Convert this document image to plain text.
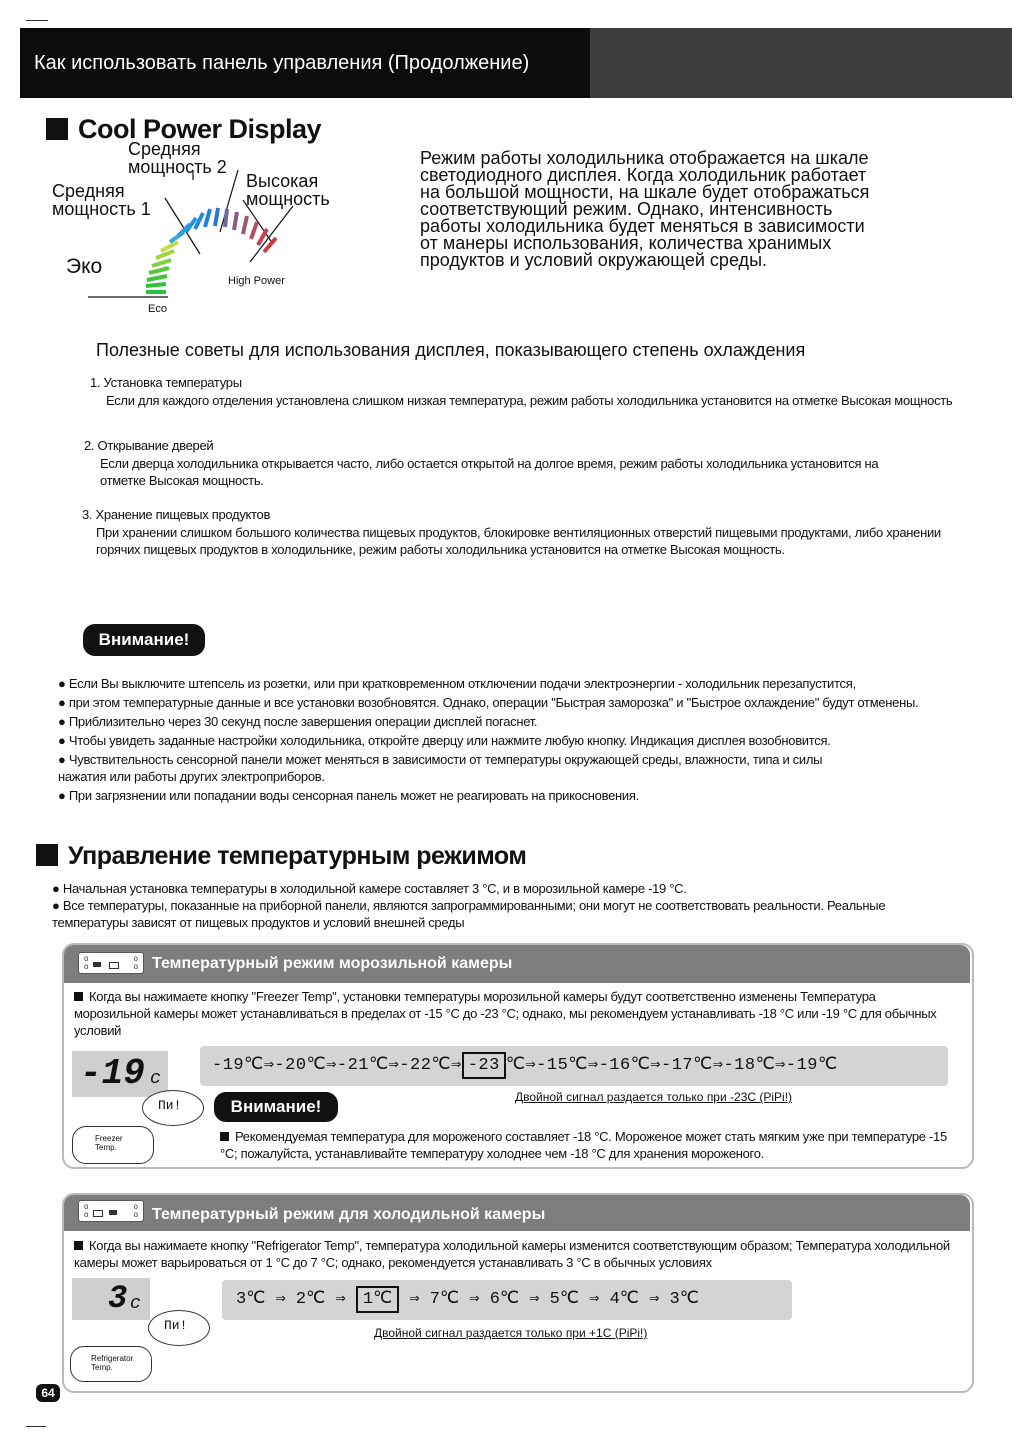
Как использовать панель управления (Продолжение)
Cool Power Display
Средняя мощность 2
Средняя мощность 1
Высокая мощность
Эко
High Power
Eco
Режим работы холодильника отображается на шкале светодиодного дисплея. Когда холодильник работает на большой мощности, на шкале будет отображаться соответствующий режим. Однако, интенсивность работы холодильника будет меняться в зависимости от манеры использования, количества хранимых продуктов и условий окружающей среды.
Полезные советы для использования дисплея, показывающего степень охлаждения
1. Установка температуры
Если для каждого отделения установлена слишком низкая температура, режим работы холодильника установится на отметке Высокая мощность
2. Открывание дверей
Если дверца холодильника открывается часто, либо остается открытой на долгое время, режим работы холодильника установится на отметке Высокая мощность.
3. Хранение пищевых продуктов
При хранении слишком большого количества пищевых продуктов, блокировке вентиляционных отверстий пищевыми продуктами, либо хранении горячих пищевых продуктов в холодильнике, режим работы холодильника установится на отметке Высокая мощность.
Внимание!
● Если Вы выключите штепсель из розетки, или при кратковременном отключении подачи электроэнергии - холодильник перезапустится,
● при этом температурные данные и все установки возобновятся. Однако, операции "Быстрая заморозка" и "Быстрое охлаждение" будут отменены.
● Приблизительно через 30 секунд после завершения операции дисплей погаснет.
● Чтобы увидеть заданные настройки холодильника, откройте дверцу или нажмите любую кнопку. Индикация дисплея возобновится.
● Чувствительность сенсорной панели может меняться в зависимости от температуры окружающей среды, влажности, типа и силы нажатия или работы других электроприборов.
● При загрязнении или попадании воды сенсорная панель может не реагировать на прикосновения.
Управление температурным режимом
● Начальная установка температуры в холодильной камере составляет 3 °C, и в морозильной камере -19 °C.
● Все температуры, показанные на приборной панели, являются запрограммированными; они могут не соответствовать реальности. Реальные температуры зависят от пищевых продуктов и условий внешней среды
o
o
o
o Температурный режим морозильной камеры
Когда вы нажимаете кнопку "Freezer Temp", установки температуры морозильной камеры будут соответственно изменены Температура морозильной камеры может устанавливаться в пределах от -15 °C до -23 °C; однако, мы рекомендуем устанавливать -18 °C или -19 °C для обычных условий
-19 c
-19℃⇒-20℃⇒-21℃⇒-22℃⇒ -23 ℃⇒-15℃⇒-16℃⇒-17℃⇒-18℃⇒-19℃
Пи!	Внимание!	Двойной сигнал раздается только при -23C (PiPi!)
Freezer Temp.
Рекомендуемая температура для мороженого составляет -18 °C. Мороженое может стать мягким уже при температуре -15 °C; пожалуйста, устанавливайте температуру холоднее чем -18 °C для хранения мороженого.
o
o
o
o Температурный режим для холодильной камеры
Когда вы нажимаете кнопку "Refrigerator Temp", температура холодильной камеры изменится соответствующим образом; Температура холодильной камеры может варьироваться от 1 °C до 7 °C; однако, рекомендуется устанавливать 3 °C в обычных условиях
3 c	3℃ ⇒ 2℃ ⇒ 1℃ ⇒ 7℃ ⇒ 6℃ ⇒ 5℃ ⇒ 4℃ ⇒ 3℃
Пи!	Двойной сигнал раздается только при +1C (PiPi!)
Refrigerator Temp.
64
